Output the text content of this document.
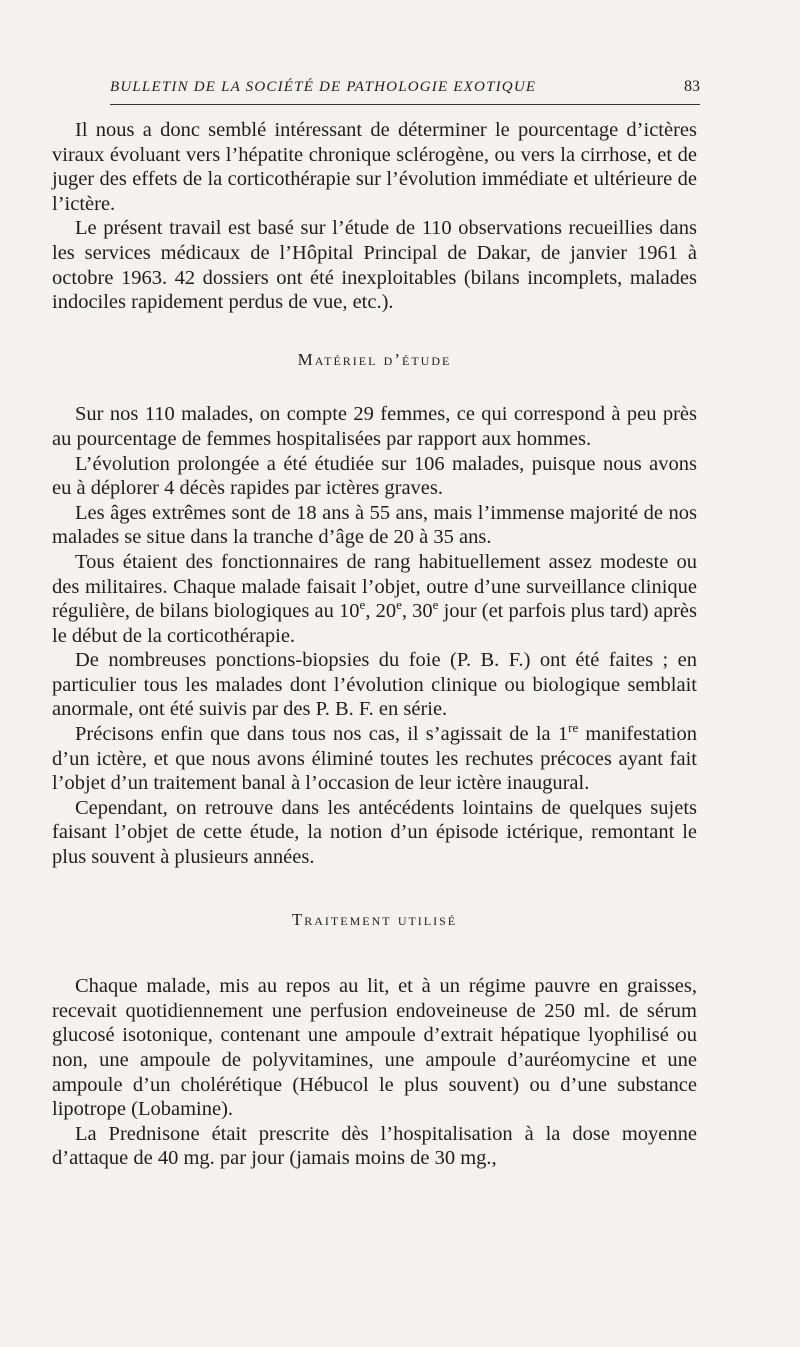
BULLETIN DE LA SOCIÉTÉ DE PATHOLOGIE EXOTIQUE	83

Il nous a donc semblé intéressant de déterminer le pourcentage d’ictères viraux évoluant vers l’hépatite chronique sclérogène, ou vers la cirrhose, et de juger des effets de la corticothérapie sur l’évolution immédiate et ultérieure de l’ictère.

Le présent travail est basé sur l’étude de 110 observations recueillies dans les services médicaux de l’Hôpital Principal de Dakar, de janvier 1961 à octobre 1963. 42 dossiers ont été inexploitables (bilans incomplets, malades indociles rapidement perdus de vue, etc.).

Matériel d’étude

Sur nos 110 malades, on compte 29 femmes, ce qui correspond à peu près au pourcentage de femmes hospitalisées par rapport aux hommes.

L’évolution prolongée a été étudiée sur 106 malades, puisque nous avons eu à déplorer 4 décès rapides par ictères graves.

Les âges extrêmes sont de 18 ans à 55 ans, mais l’immense majorité de nos malades se situe dans la tranche d’âge de 20 à 35 ans.

Tous étaient des fonctionnaires de rang habituellement assez modeste ou des militaires. Chaque malade faisait l’objet, outre d’une surveillance clinique régulière, de bilans biologiques au 10e, 20e, 30e jour (et parfois plus tard) après le début de la corticothérapie.

De nombreuses ponctions-biopsies du foie (P. B. F.) ont été faites ; en particulier tous les malades dont l’évolution clinique ou biologique semblait anormale, ont été suivis par des P. B. F. en série.

Précisons enfin que dans tous nos cas, il s’agissait de la 1re manifestation d’un ictère, et que nous avons éliminé toutes les rechutes précoces ayant fait l’objet d’un traitement banal à l’occasion de leur ictère inaugural.

Cependant, on retrouve dans les antécédents lointains de quelques sujets faisant l’objet de cette étude, la notion d’un épisode ictérique, remontant le plus souvent à plusieurs années.

Traitement utilisé

Chaque malade, mis au repos au lit, et à un régime pauvre en graisses, recevait quotidiennement une perfusion endoveineuse de 250 ml. de sérum glucosé isotonique, contenant une ampoule d’extrait hépatique lyophilisé ou non, une ampoule de polyvitamines, une ampoule d’auréomycine et une ampoule d’un cholérétique (Hébucol le plus souvent) ou d’une substance lipotrope (Lobamine).

La Prednisone était prescrite dès l’hospitalisation à la dose moyenne d’attaque de 40 mg. par jour (jamais moins de 30 mg.,
